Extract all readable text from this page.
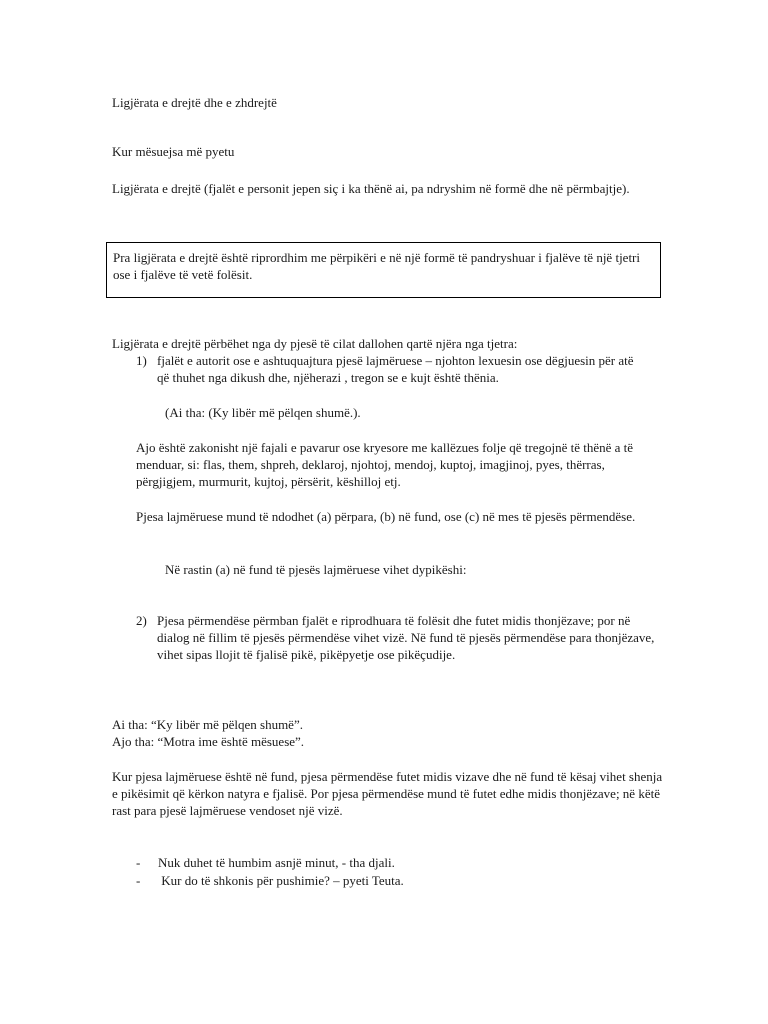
Ligjërata e drejtë dhe e zhdrejtë

Kur mësuejsa më pyetu

Ligjërata e drejtë (fjalët e personit jepen siç i ka thënë ai, pa ndryshim në formë dhe në përmbajtje).

Pra ligjërata e drejtë është riprordhim me përpikëri e në një formë të pandryshuar i fjalëve të një tjetri ose i fjalëve të vetë folësit.

Ligjërata e drejtë përbëhet nga dy pjesë të cilat dallohen qartë njëra nga tjetra:

1) fjalët e autorit ose e ashtuquajtura pjesë lajmëruese – njohton lexuesin ose dëgjuesin për atë që thuhet nga dikush dhe, njëherazi , tregon se e kujt është thënia.

(Ai tha: (Ky libër më pëlqen shumë.).

Ajo është zakonisht një fajali e pavarur ose kryesore me kallëzues folje që tregojnë të thënë a të menduar, si: flas, them, shpreh, deklaroj, njohtoj, mendoj, kuptoj, imagjinoj, pyes, thërras, përgjigjem, murmurit, kujtoj, përsërit, këshilloj etj.

Pjesa lajmëruese mund të ndodhet (a) përpara, (b) në fund, ose (c) në mes të pjesës përmendëse.

Në rastin (a) në fund të pjesës lajmëruese vihet dypikëshi:

2) Pjesa përmendëse përmban fjalët e riprodhuara të folësit dhe futet midis thonjëzave; por në dialog në fillim të pjesës përmendëse vihet vizë. Në fund të pjesës përmendëse para thonjëzave, vihet sipas llojit të fjalisë pikë, pikëpyetje ose pikëçudije.

Ai tha: “Ky libër më pëlqen shumë”.

Ajo tha: “Motra ime është mësuese”.

Kur pjesa lajmëruese është në fund, pjesa përmendëse futet midis vizave dhe në fund të kësaj vihet shenja e pikësimit që kërkon natyra e fjalisë. Por pjesa përmendëse mund të futet edhe midis thonjëzave; në këtë rast para pjesë lajmëruese vendoset një vizë.

-	Nuk duhet të humbim asnjë minut, - tha djali.

-	Kur do të shkonis për pushimie? – pyeti Teuta.
